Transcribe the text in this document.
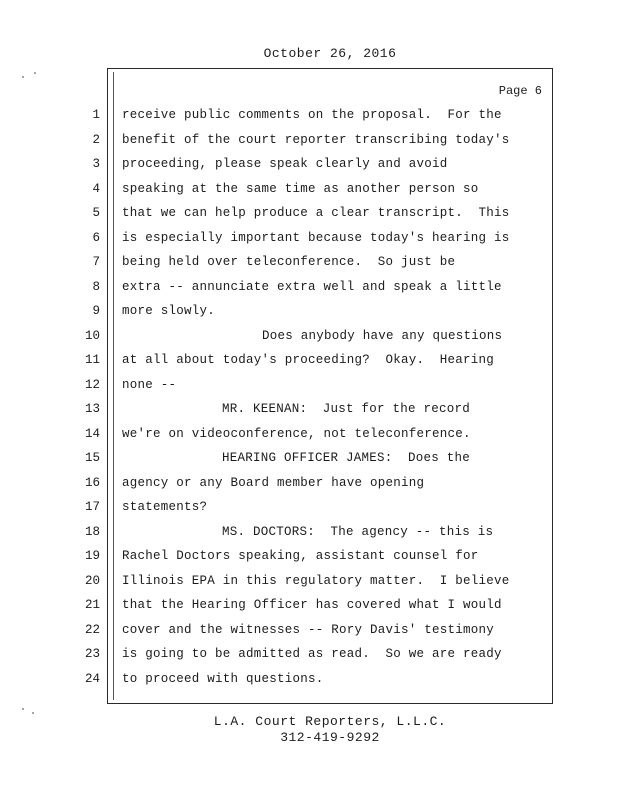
October 26, 2016
Page 6
1
2
3
4
5
6
7
8
9
10
11
12
13
14
15
16
17
18
19
20
21
22
23
24
receive public comments on the proposal.  For the
benefit of the court reporter transcribing today's
proceeding, please speak clearly and avoid
speaking at the same time as another person so
that we can help produce a clear transcript.  This
is especially important because today's hearing is
being held over teleconference.  So just be
extra -- annunciate extra well and speak a little
more slowly.
Does anybody have any questions
at all about today's proceeding?  Okay.  Hearing
none --
MR. KEENAN:  Just for the record
we're on videoconference, not teleconference.
HEARING OFFICER JAMES:  Does the
agency or any Board member have opening
statements?
MS. DOCTORS:  The agency -- this is
Rachel Doctors speaking, assistant counsel for
Illinois EPA in this regulatory matter.  I believe
that the Hearing Officer has covered what I would
cover and the witnesses -- Rory Davis' testimony
is going to be admitted as read.  So we are ready
to proceed with questions.
L.A. Court Reporters, L.L.C.
312-419-9292
